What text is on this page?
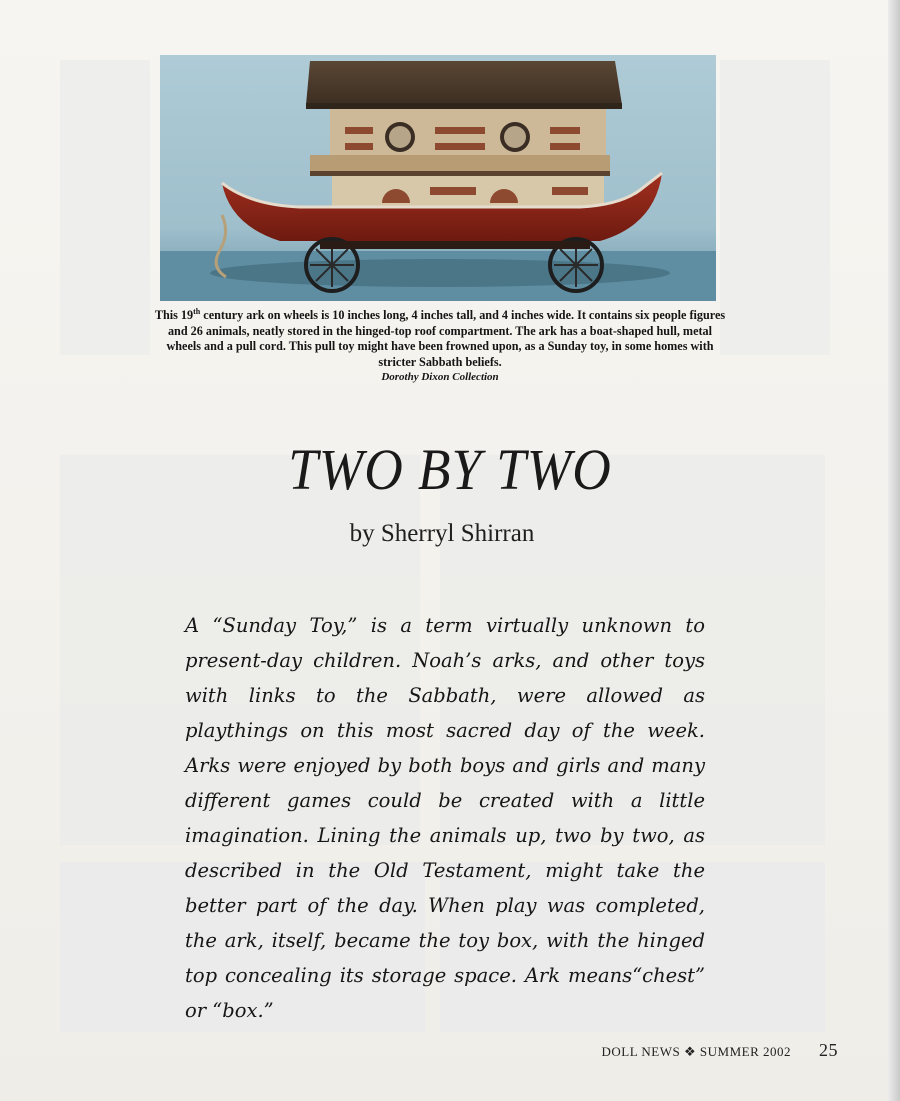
This 19th century ark on wheels is 10 inches long, 4 inches tall, and 4 inches wide. It contains six people figures and 26 animals, neatly stored in the hinged-top roof compartment. The ark has a boat-shaped hull, metal wheels and a pull cord. This pull toy might have been frowned upon, as a Sunday toy, in some homes with stricter Sabbath beliefs.
Dorothy Dixon Collection
TWO BY TWO
by Sherryl Shirran
A “Sunday Toy,” is a term virtually unknown to present-day children. Noah’s arks, and other toys with links to the Sabbath, were allowed as playthings on this most sacred day of the week. Arks were enjoyed by both boys and girls and many different games could be created with a little imagination. Lining the animals up, two by two, as described in the Old Testament, might take the better part of the day. When play was completed, the ark, itself, became the toy box, with the hinged top concealing its storage space. Ark means“chest” or “box.”
DOLL NEWS ❖ SUMMER 2002 25
